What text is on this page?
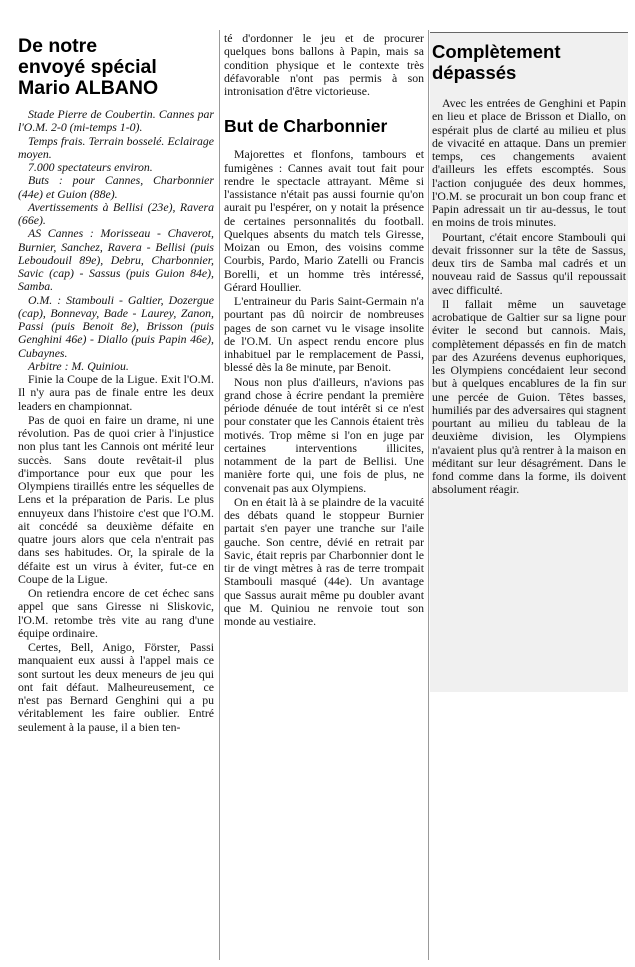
De notre
envoyé spécial
Mario ALBANO

Stade Pierre de Coubertin. Cannes par l'O.M. 2-0 (mi-temps 1-0).

Temps frais. Terrain bosselé. Eclairage moyen.

7.000 spectateurs environ.

Buts : pour Cannes, Charbonnier (44e) et Guion (88e).

Avertissements à Bellisi (23e), Ravera (66e).

AS Cannes : Morisseau - Chaverot, Burnier, Sanchez, Ravera - Bellisi (puis Leboudouil 89e), Debru, Charbonnier, Savic (cap) - Sassus (puis Guion 84e), Samba.

O.M. : Stambouli - Galtier, Dozergue (cap), Bonnevay, Bade - Laurey, Zanon, Passi (puis Benoit 8e), Brisson (puis Genghini 46e) - Diallo (puis Papin 46e), Cubaynes.

Arbitre : M. Quiniou.

Finie la Coupe de la Ligue. Exit l'O.M. Il n'y aura pas de finale entre les deux leaders en championnat.

Pas de quoi en faire un drame, ni une révolution. Pas de quoi crier à l'injustice non plus tant les Cannois ont mérité leur succès. Sans doute revêtait-il plus d'importance pour eux que pour les Olympiens tiraillés entre les séquelles de Lens et la préparation de Paris. Le plus ennuyeux dans l'histoire c'est que l'O.M. ait concédé sa deuxième défaite en quatre jours alors que cela n'entrait pas dans ses habitudes. Or, la spirale de la défaite est un virus à éviter, fut-ce en Coupe de la Ligue.

On retiendra encore de cet échec sans appel que sans Giresse ni Sliskovic, l'O.M. retombe très vite au rang d'une équipe ordinaire.

Certes, Bell, Anigo, Förster, Passi manquaient eux aussi à l'appel mais ce sont surtout les deux meneurs de jeu qui ont fait défaut. Malheureusement, ce n'est pas Bernard Genghini qui a pu véritablement les faire oublier. Entré seulement à la pause, il a bien ten-

té d'ordonner le jeu et de procurer quelques bons ballons à Papin, mais sa condition physique et le contexte très défavorable n'ont pas permis à son intronisation d'être victorieuse.

But de Charbonnier

Majorettes et flonfons, tambours et fumigènes : Cannes avait tout fait pour rendre le spectacle attrayant. Même si l'assistance n'était pas aussi fournie qu'on aurait pu l'espérer, on y notait la présence de certaines personnalités du football. Quelques absents du match tels Giresse, Moizan ou Emon, des voisins comme Courbis, Pardo, Mario Zatelli ou Francis Borelli, et un homme très intéressé, Gérard Houllier.

L'entraineur du Paris Saint-Germain n'a pourtant pas dû noircir de nombreuses pages de son carnet vu le visage insolite de l'O.M. Un aspect rendu encore plus inhabituel par le remplacement de Passi, blessé dès la 8e minute, par Benoit.

Nous non plus d'ailleurs, n'avions pas grand chose à écrire pendant la première période dénuée de tout intérêt si ce n'est pour constater que les Cannois étaient très motivés. Trop même si l'on en juge par certaines interventions illicites, notamment de la part de Bellisi. Une manière forte qui, une fois de plus, ne convenait pas aux Olympiens.

On en était là à se plaindre de la vacuité des débats quand le stoppeur Burnier partait s'en payer une tranche sur l'aile gauche. Son centre, dévié en retrait par Savic, était repris par Charbonnier dont le tir de vingt mètres à ras de terre trompait Stambouli masqué (44e). Un avantage que Sassus aurait même pu doubler avant que M. Quiniou ne renvoie tout son monde au vestiaire.

Complètement
dépassés

Avec les entrées de Genghini et Papin en lieu et place de Brisson et Diallo, on espérait plus de clarté au milieu et plus de vivacité en attaque. Dans un premier temps, ces changements avaient d'ailleurs les effets escomptés. Sous l'action conjuguée des deux hommes, l'O.M. se procurait un bon coup franc et Papin adressait un tir au-dessus, le tout en moins de trois minutes.

Pourtant, c'était encore Stambouli qui devait frissonner sur la tête de Sassus, deux tirs de Samba mal cadrés et un nouveau raid de Sassus qu'il repoussait avec difficulté.

Il fallait même un sauvetage acrobatique de Galtier sur sa ligne pour éviter le second but cannois. Mais, complètement dépassés en fin de match par des Azuréens devenus euphoriques, les Olympiens concédaient leur second but à quelques encablures de la fin sur une percée de Guion. Têtes basses, humiliés par des adversaires qui stagnent pourtant au milieu du tableau de la deuxième division, les Olympiens n'avaient plus qu'à rentrer à la maison en méditant sur leur désagrément. Dans le fond comme dans la forme, ils doivent absolument réagir.
